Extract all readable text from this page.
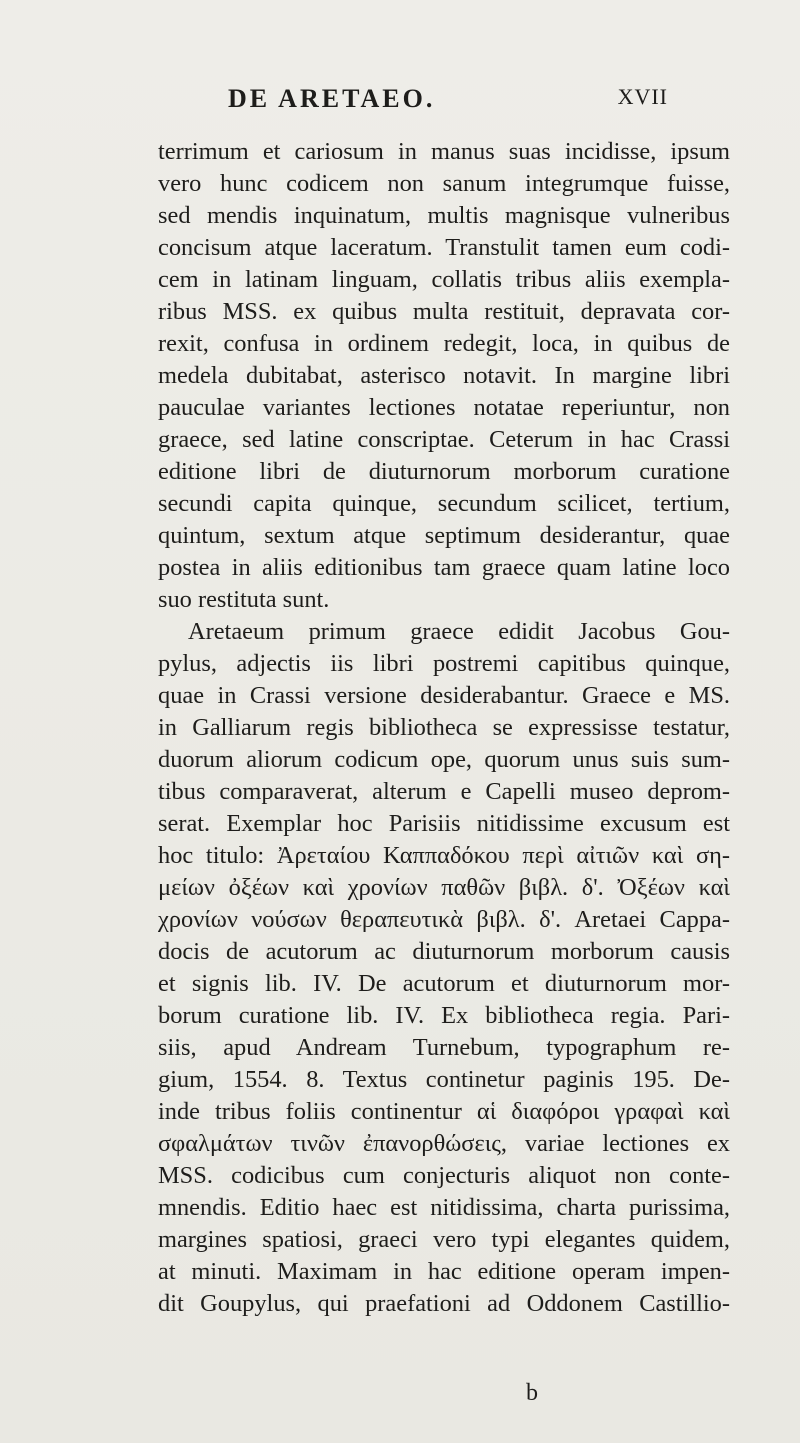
DE ARETAEO.	XVII
terrimum et cariosum in manus suas incidisse, ipsum
vero hunc codicem non sanum integrumque fuisse,
sed mendis inquinatum, multis magnisque vulneribus
concisum atque laceratum. Transtulit tamen eum codi-
cem in latinam linguam, collatis tribus aliis exempla-
ribus MSS. ex quibus multa restituit, depravata cor-
rexit, confusa in ordinem redegit, loca, in quibus de
medela dubitabat, asterisco notavit. In margine libri
pauculae variantes lectiones notatae reperiuntur, non
graece, sed latine conscriptae. Ceterum in hac Crassi
editione libri de diuturnorum morborum curatione
secundi capita quinque, secundum scilicet, tertium,
quintum, sextum atque septimum desiderantur, quae
postea in aliis editionibus tam graece quam latine loco
suo restituta sunt.
Aretaeum primum graece edidit Jacobus Gou-
pylus, adjectis iis libri postremi capitibus quinque,
quae in Crassi versione desiderabantur. Graece e MS.
in Galliarum regis bibliotheca se expressisse testatur,
duorum aliorum codicum ope, quorum unus suis sum-
tibus comparaverat, alterum e Capelli museo deprom-
serat. Exemplar hoc Parisiis nitidissime excusum est
hoc titulo: Ἀρεταίου Καππαδόκου περὶ αἰτιῶν καὶ ση-
μείων ὀξέων καὶ χρονίων παθῶν βιβλ. δ'. Ὀξέων καὶ
χρονίων νούσων θεραπευτικὰ βιβλ. δ'. Aretaei Cappa-
docis de acutorum ac diuturnorum morborum causis
et signis lib. IV. De acutorum et diuturnorum mor-
borum curatione lib. IV. Ex bibliotheca regia. Pari-
siis, apud Andream Turnebum, typographum re-
gium, 1554. 8. Textus continetur paginis 195. De-
inde tribus foliis continentur αἱ διαφόροι γραφαὶ καὶ
σφαλμάτων τινῶν ἐπανορθώσεις, variae lectiones ex
MSS. codicibus cum conjecturis aliquot non conte-
mnendis. Editio haec est nitidissima, charta purissima,
margines spatiosi, graeci vero typi elegantes quidem,
at minuti. Maximam in hac editione operam impen-
dit Goupylus, qui praefationi ad Oddonem Castillio-
b
